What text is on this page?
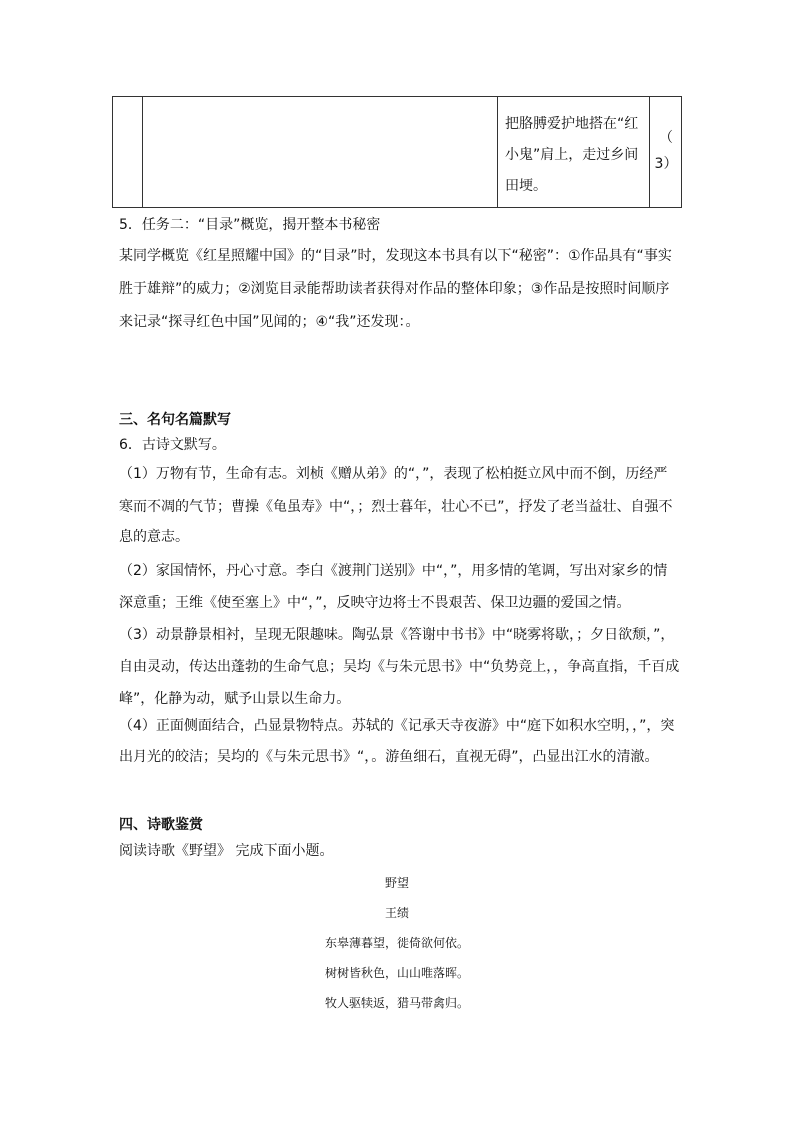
把胳膊爱护地搭在“红
小鬼”肩上，走过乡间
田埂。
（
3）
5．任务二：“目录”概览，揭开整本书秘密
某同学概览《红星照耀中国》的“目录”时，发现这本书具有以下“秘密”：①作品具有“事实
胜于雄辩”的威力；②浏览目录能帮助读者获得对作品的整体印象；③作品是按照时间顺序
来记录“探寻红色中国”见闻的；④“我”还发现：。
三、名句名篇默写
6．古诗文默写。
（1）万物有节，生命有志。刘桢《赠从弟》的“，”，表现了松柏挺立风中而不倒，历经严
寒而不凋的气节；曹操《龟虽寿》中“，；烈士暮年，壮心不已”，抒发了老当益壮、自强不
息的意志。
（2）家国情怀，丹心寸意。李白《渡荆门送别》中“，”，用多情的笔调，写出对家乡的情
深意重；王维《使至塞上》中“，”，反映守边将士不畏艰苦、保卫边疆的爱国之情。
（3）动景静景相衬，呈现无限趣味。陶弘景《答谢中书书》中“晓雾将歇，；夕日欲颓，”，
自由灵动，传达出蓬勃的生命气息；吴均《与朱元思书》中“负势竞上，，争高直指，千百成
峰”，化静为动，赋予山景以生命力。
（4）正面侧面结合，凸显景物特点。苏轼的《记承天寺夜游》中“庭下如积水空明，，”，突
出月光的皎洁；吴均的《与朱元思书》“，。游鱼细石，直视无碍”，凸显出江水的清澈。
四、诗歌鉴赏
阅读诗歌《野望》 完成下面小题。
野望
王绩
东皋薄暮望，徙倚欲何依。
树树皆秋色，山山唯落晖。
牧人驱犊返，猎马带禽归。
